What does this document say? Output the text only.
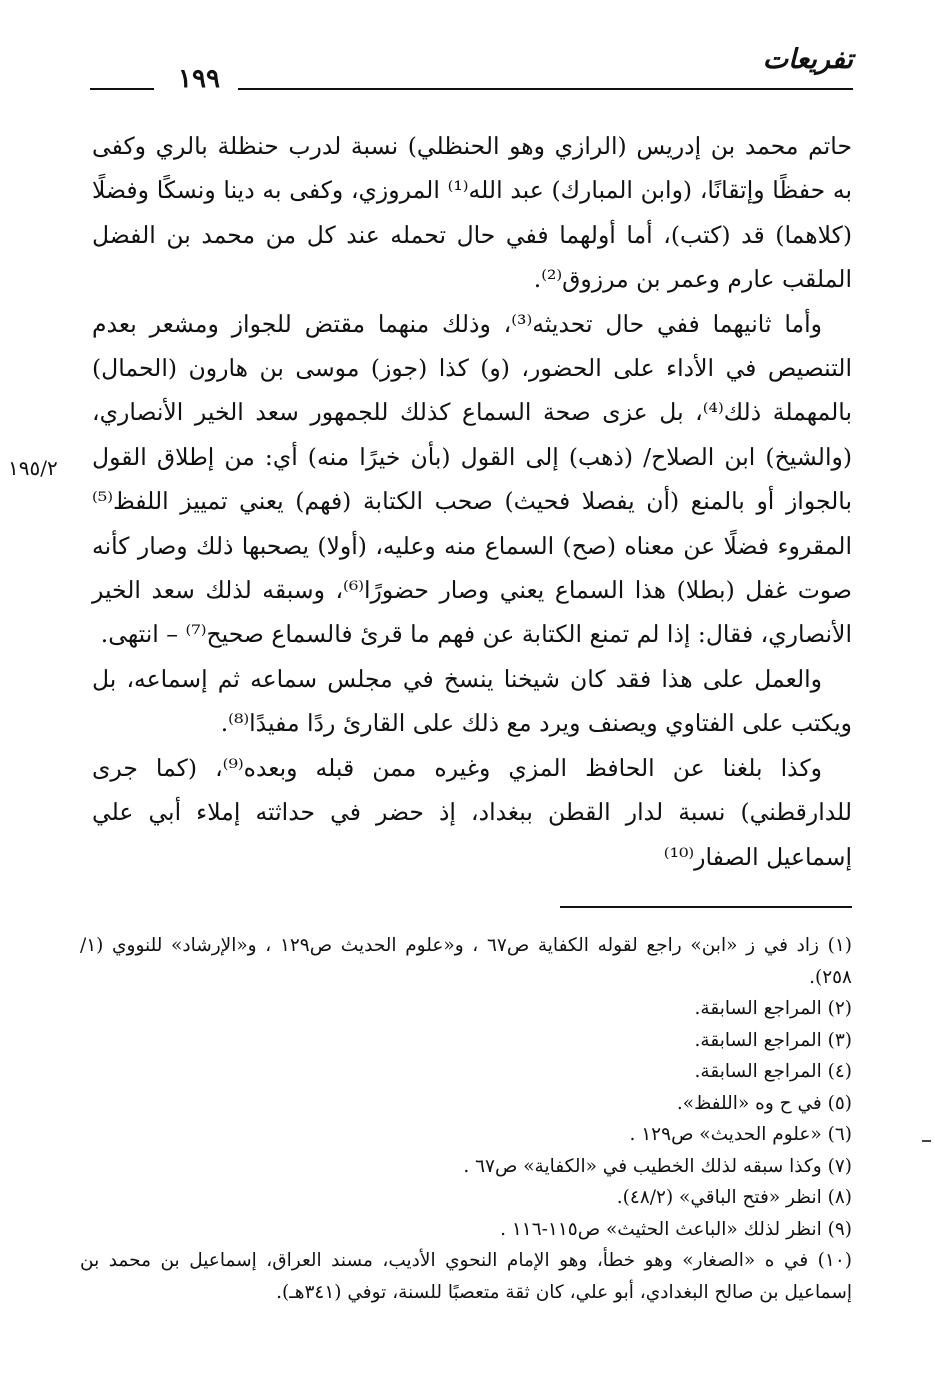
تفريعات
١٩٩

حاتم محمد بن إدريس (الرازي وهو الحنظلي) نسبة لدرب حنظلة بالري وكفى به حفظًا وإتقانًا، (وابن المبارك) عبد الله⁽¹⁾ المروزي، وكفى به دينا ونسكًا وفضلًا (كلاهما) قد (كتب)، أما أولهما ففي حال تحمله عند كل من محمد بن الفضل الملقب عارم وعمر بن مرزوق⁽²⁾.

وأما ثانيهما ففي حال تحديثه⁽³⁾، وذلك منهما مقتض للجواز ومشعر بعدم التنصيص في الأداء على الحضور، (و) كذا (جوز) موسى بن هارون (الحمال) بالمهملة ذلك⁽⁴⁾، بل عزى صحة السماع كذلك للجمهور سعد الخير الأنصاري، (والشيخ) ابن الصلاح/ (ذهب) إلى القول (بأن خيرًا منه) أي: من إطلاق القول بالجواز أو بالمنع (أن يفصلا فحيث) صحب الكتابة (فهم) يعني تمييز اللفظ⁽⁵⁾ المقروء فضلًا عن معناه (صح) السماع منه وعليه، (أولا) يصحبها ذلك وصار كأنه صوت غفل (بطلا) هذا السماع يعني وصار حضورًا⁽⁶⁾، وسبقه لذلك سعد الخير الأنصاري، فقال: إذا لم تمنع الكتابة عن فهم ما قرئ فالسماع صحيح⁽⁷⁾ – انتهى.

والعمل على هذا فقد كان شيخنا ينسخ في مجلس سماعه ثم إسماعه، بل ويكتب على الفتاوي ويصنف ويرد مع ذلك على القارئ ردًا مفيدًا⁽⁸⁾.

وكذا بلغنا عن الحافظ المزي وغيره ممن قبله وبعده⁽⁹⁾، (كما جرى للدارقطني) نسبة لدار القطن ببغداد، إذ حضر في حداثته إملاء أبي علي إسماعيل الصفار⁽¹⁰⁾

١٩٥/٢

(١) زاد في ز «ابن» راجع لقوله الكفاية ص٦٧ ، و«علوم الحديث ص١٢٩ ، و«الإرشاد» للنووي (١/ ٢٥٨).

(٢) المراجع السابقة.

(٣) المراجع السابقة.

(٤) المراجع السابقة.

(٥) في ح وه «اللفظ».

(٦) «علوم الحديث» ص١٢٩ .

(٧) وكذا سبقه لذلك الخطيب في «الكفاية» ص٦٧ .

(٨) انظر «فتح الباقي» (٤٨/٢).

(٩) انظر لذلك «الباعث الحثيث» ص١١٥-١١٦ .

(١٠) في ه «الصغار» وهو خطأ، وهو الإمام النحوي الأديب، مسند العراق، إسماعيل بن محمد بن إسماعيل بن صالح البغدادي، أبو علي، كان ثقة متعصبًا للسنة، توفي (٣٤١هـ).
